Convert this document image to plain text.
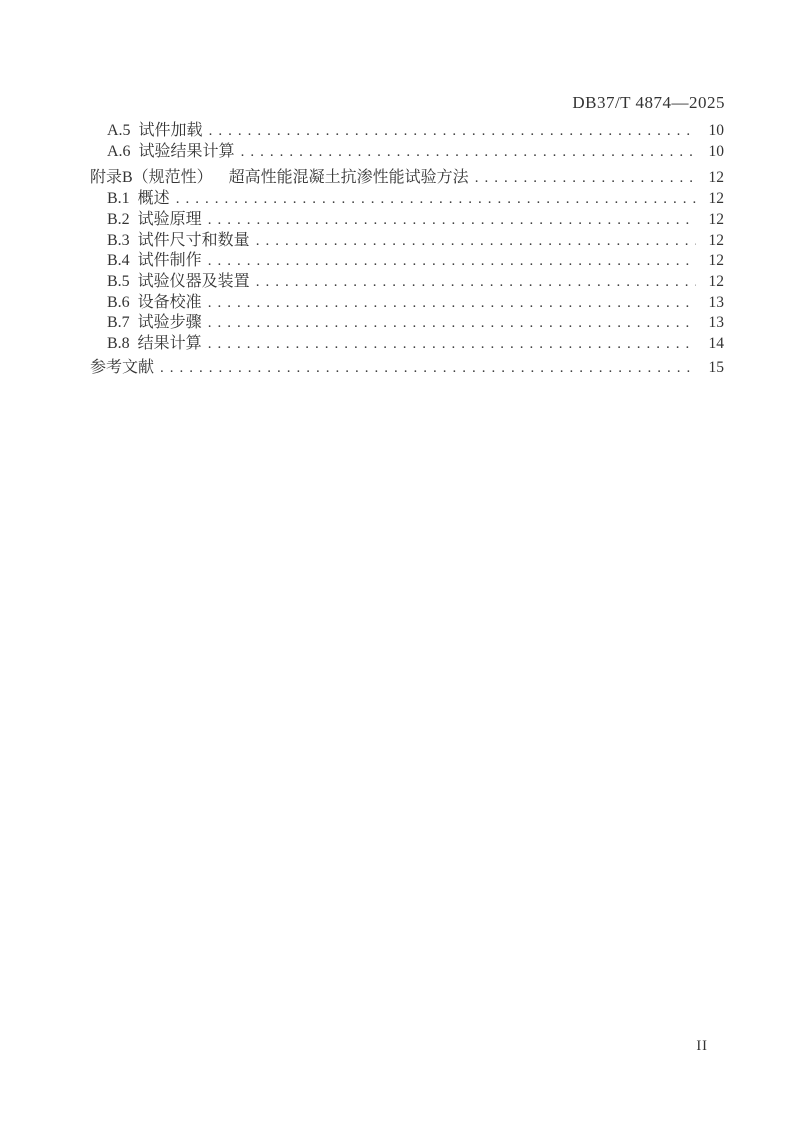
DB37/T 4874—2025
A.5  试件加载 .....	10
A.6  试验结果计算 .....	10
附录B（规范性）    超高性能混凝土抗渗性能试验方法 .....	12
B.1  概述 .....	12
B.2  试验原理 .....	12
B.3  试件尺寸和数量 .....	12
B.4  试件制作 .....	12
B.5  试验仪器及装置 .....	12
B.6  设备校准 .....	13
B.7  试验步骤 .....	13
B.8  结果计算 .....	14
参考文献 .....	15
II
